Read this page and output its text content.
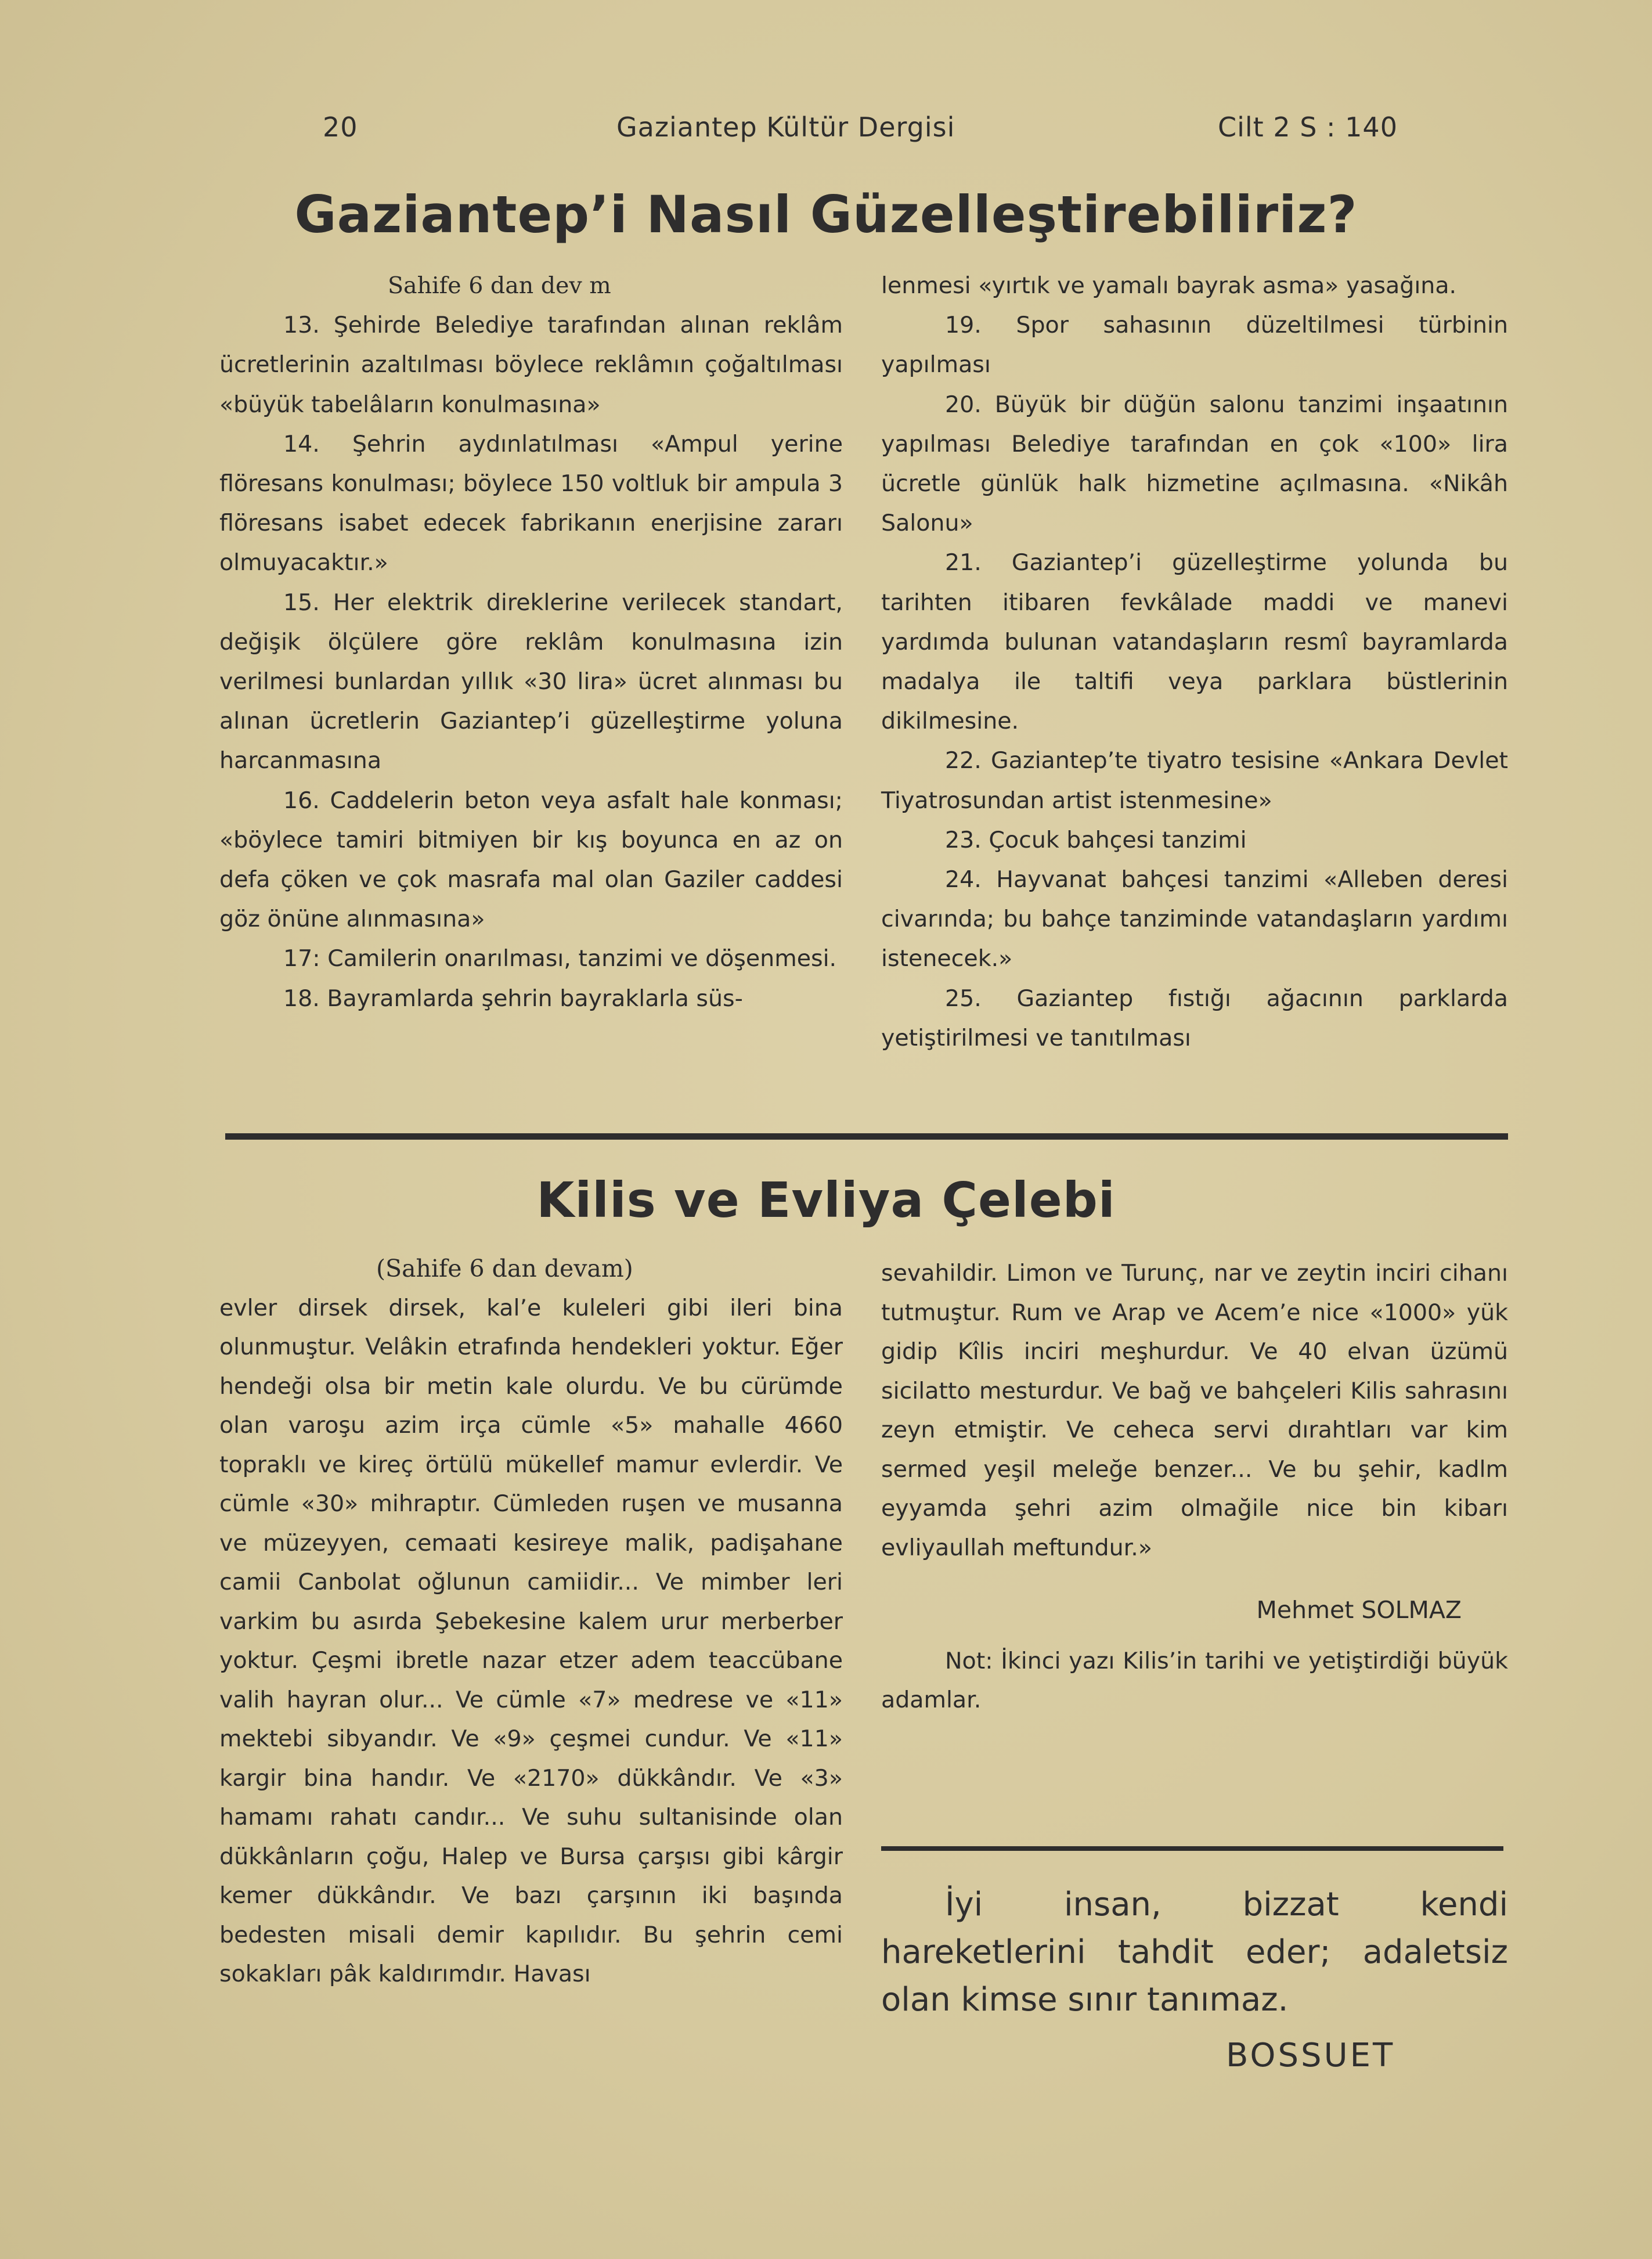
20	Gaziantep Kültür Dergisi	Cilt 2 S : 140
Gaziantep’i Nasıl Güzelleştirebiliriz?

Sahife 6 dan dev m

13. Şehirde Belediye tarafından alınan reklâm ücretlerinin azaltılması böylece reklâmın çoğaltılması «büyük tabelâların konulmasına»

14. Şehrin aydınlatılması «Ampul yerine flöresans konulması; böylece 150 voltluk bir ampula 3 flöresans isabet edecek fabrikanın enerjisine zararı olmuyacaktır.»

15. Her elektrik direklerine verilecek standart, değişik ölçülere göre reklâm konulmasına izin verilmesi bunlardan yıllık «30 lira» ücret alınması bu alınan ücretlerin Gaziantep’i güzelleştirme yoluna harcanmasına

16. Caddelerin beton veya asfalt hale konması; «böylece tamiri bitmiyen bir kış boyunca en az on defa çöken ve çok masrafa mal olan Gaziler caddesi göz önüne alınmasına»

17: Camilerin onarılması, tanzimi ve döşenmesi.

18. Bayramlarda şehrin bayraklarla süs-

lenmesi «yırtık ve yamalı bayrak asma» yasağına.

19. Spor sahasının düzeltilmesi türbinin yapılması

20. Büyük bir düğün salonu tanzimi inşaatının yapılması Belediye tarafından en çok «100» lira ücretle günlük halk hizmetine açılmasına. «Nikâh Salonu»

21. Gaziantep’i güzelleştirme yolunda bu tarihten itibaren fevkâlade maddi ve manevi yardımda bulunan vatandaşların resmî bayramlarda madalya ile taltifi veya parklara büstlerinin dikilmesine.

22. Gaziantep’te tiyatro tesisine «Ankara Devlet Tiyatrosundan artist istenmesine»

23. Çocuk bahçesi tanzimi

24. Hayvanat bahçesi tanzimi «Alleben deresi civarında; bu bahçe tanziminde vatandaşların yardımı istenecek.»

25. Gaziantep fıstığı ağacının parklarda yetiştirilmesi ve tanıtılması

Kilis ve Evliya Çelebi

(Sahife 6 dan devam)

evler dirsek dirsek, kal’e kuleleri gibi ileri bina olunmuştur. Velâkin etrafında hendekleri yoktur. Eğer hendeği olsa bir metin kale olurdu. Ve bu cürümde olan varoşu azim irça cümle «5» mahalle 4660 topraklı ve kireç örtülü mükellef mamur evlerdir. Ve cümle «30» mihraptır. Cümleden ruşen ve musanna ve müzeyyen, cemaati kesireye malik, padişahane camii Canbolat oğlunun camiidir... Ve mimber leri varkim bu asırda Şebekesine kalem urur merberber yoktur. Çeşmi ibretle nazar etzer adem teaccübane valih hayran olur... Ve cümle «7» medrese ve «11» mektebi sibyandır. Ve «9» çeşmei cundur. Ve «11» kargir bina handır. Ve «2170» dükkândır. Ve «3» hamamı rahatı candır... Ve suhu sultanisinde olan dükkânların çoğu, Halep ve Bursa çarşısı gibi kârgir kemer dükkândır. Ve bazı çarşının iki başında bedesten misali demir kapılıdır. Bu şehrin cemi sokakları pâk kaldırımdır. Havası

sevahildir. Limon ve Turunç, nar ve zeytin inciri cihanı tutmuştur. Rum ve Arap ve Acem’e nice «1000» yük gidip Kîlis inciri meşhurdur. Ve 40 elvan üzümü sicilatto mesturdur. Ve bağ ve bahçeleri Kilis sahrasını zeyn etmiştir. Ve ceheca servi dırahtları var kim sermed yeşil meleğe benzer... Ve bu şehir, kadlm eyyamda şehri azim olmağile nice bin kibarı evliyaullah meftundur.»

Mehmet SOLMAZ

Not: İkinci yazı Kilis’in tarihi ve yetiştirdiği büyük adamlar.

İyi insan, bizzat kendi hareketlerini tahdit eder; adaletsiz olan kimse sınır tanımaz.
BOSSUET
